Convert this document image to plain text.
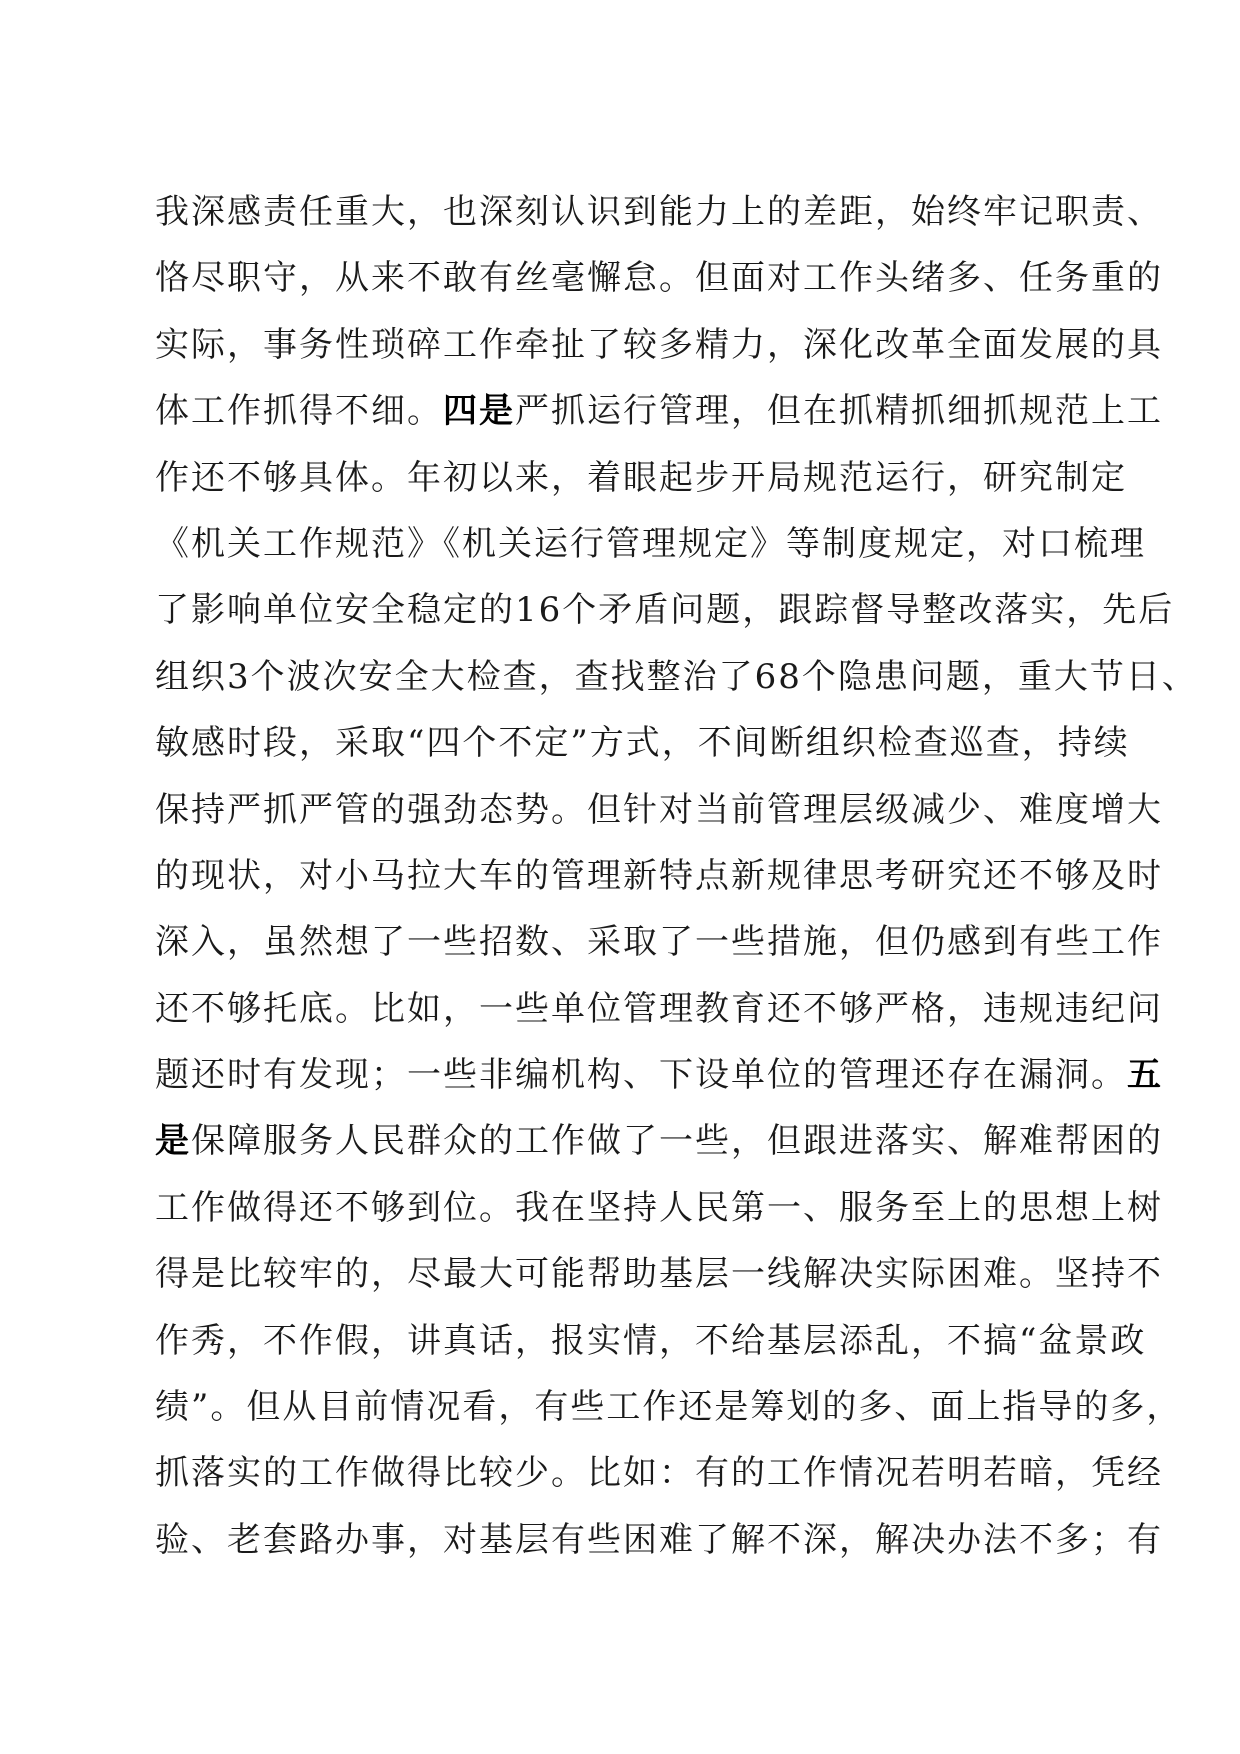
我深感责任重大，也深刻认识到能力上的差距，始终牢记职责、
恪尽职守，从来不敢有丝毫懈怠。但面对工作头绪多、任务重的
实际，事务性琐碎工作牵扯了较多精力，深化改革全面发展的具
体工作抓得不细。四是严抓运行管理，但在抓精抓细抓规范上工
作还不够具体。年初以来，着眼起步开局规范运行，研究制定
《机关工作规范》《机关运行管理规定》等制度规定，对口梳理
了影响单位安全稳定的16个矛盾问题，跟踪督导整改落实，先后
组织3个波次安全大检查，查找整治了68个隐患问题，重大节日、
敏感时段，采取“四个不定”方式，不间断组织检查巡查，持续
保持严抓严管的强劲态势。但针对当前管理层级减少、难度增大
的现状，对小马拉大车的管理新特点新规律思考研究还不够及时
深入，虽然想了一些招数、采取了一些措施，但仍感到有些工作
还不够托底。比如，一些单位管理教育还不够严格，违规违纪问
题还时有发现；一些非编机构、下设单位的管理还存在漏洞。五
是保障服务人民群众的工作做了一些，但跟进落实、解难帮困的
工作做得还不够到位。我在坚持人民第一、服务至上的思想上树
得是比较牢的，尽最大可能帮助基层一线解决实际困难。坚持不
作秀，不作假，讲真话，报实情，不给基层添乱，不搞“盆景政
绩”。但从目前情况看，有些工作还是筹划的多、面上指导的多，
抓落实的工作做得比较少。比如：有的工作情况若明若暗，凭经
验、老套路办事，对基层有些困难了解不深，解决办法不多；有
